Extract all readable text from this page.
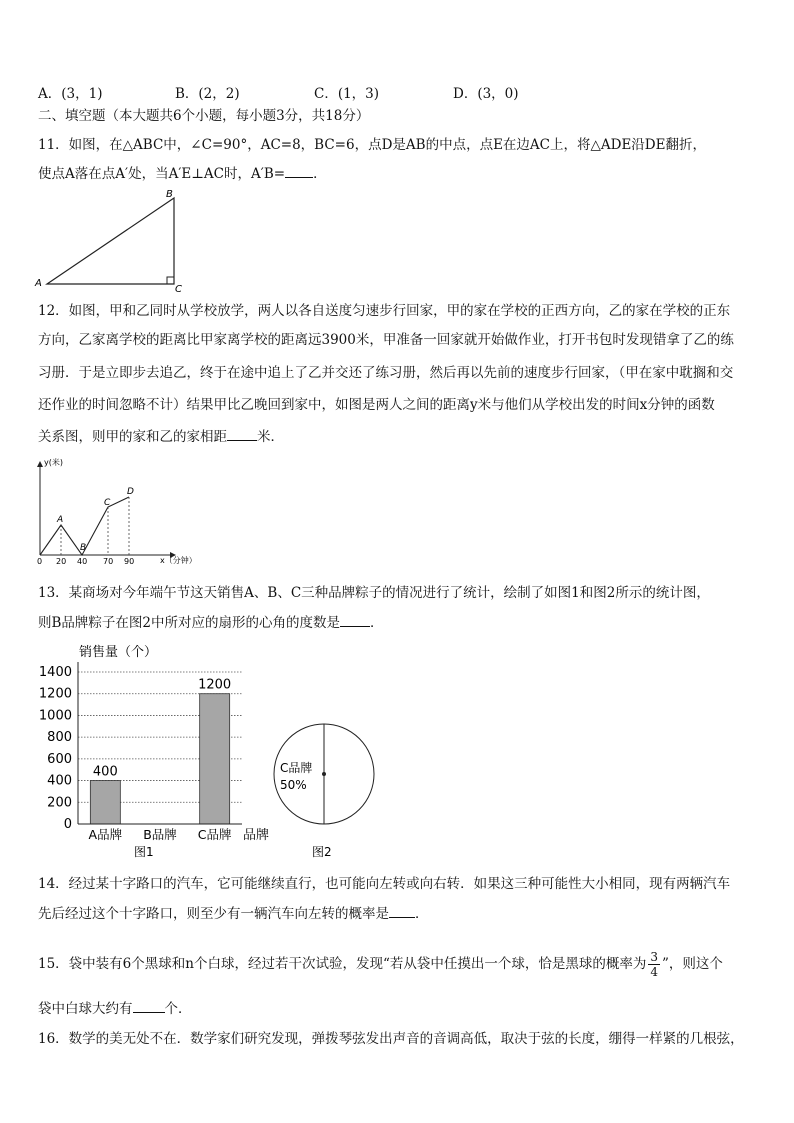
A．(3，1)	B．(2，2)	C．(1，3)	D．(3，0)
二、填空题（本大题共6个小题，每小题3分，共18分）
11．如图，在△ABC中，∠C=90°，AC=8，BC=6，点D是AB的中点，点E在边AC上，将△ADE沿DE翻折，
使点A落在点A′处，当A′E⊥AC时，A′B= ．
A
B
C
12．如图，甲和乙同时从学校放学，两人以各自送度匀速步行回家，甲的家在学校的正西方向，乙的家在学校的正东
方向，乙家离学校的距离比甲家离学校的距离远3900米，甲准备一回家就开始做作业，打开书包时发现错拿了乙的练
习册．于是立即步去追乙，终于在途中追上了乙并交还了练习册，然后再以先前的速度步行回家，（甲在家中耽搁和交
还作业的时间忽略不计）结果甲比乙晚回到家中，如图是两人之间的距离y米与他们从学校出发的时间x分钟的函数
关系图，则甲的家和乙的家相距 米．
y(米)
x（分钟）
A
B
C
D
0 20 40 70 90
13．某商场对今年端午节这天销售A、B、C三种品牌粽子的情况进行了统计，绘制了如图1和图2所示的统计图，
则B品牌粽子在图2中所对应的扇形的心角的度数是 ．
销售量（个）
0
200
400
600
800
1000
1200
1400
400
1200
A品牌 B品牌 C品牌 品牌
图1
C品牌
50%
图2
14．经过某十字路口的汽车，它可能继续直行，也可能向左转或向右转．如果这三种可能性大小相同，现有两辆汽车
先后经过这个十字路口，则至少有一辆汽车向左转的概率是 ．
15．袋中装有6个黑球和n个白球，经过若干次试验，发现“若从袋中任摸出一个球，恰是黑球的概率为 $\frac{3}{4}$ ”，则这个
袋中白球大约有 个．
16．数学的美无处不在．数学家们研究发现，弹拨琴弦发出声音的音调高低，取决于弦的长度，绷得一样紧的几根弦，
